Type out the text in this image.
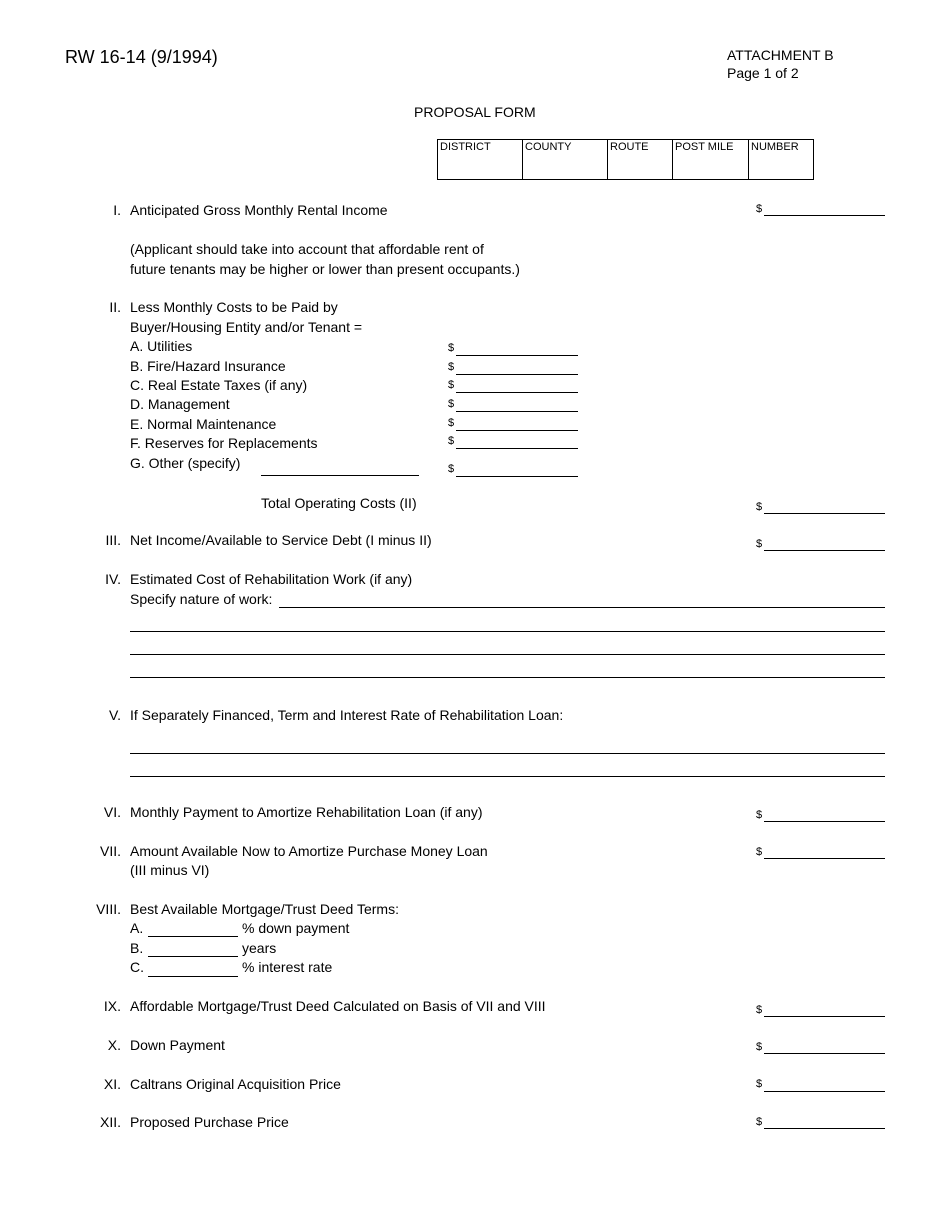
RW 16-14 (9/1994)	ATTACHMENT B
Page 1 of 2
PROPOSAL FORM
DISTRICT	COUNTY	ROUTE	POST MILE	NUMBER
I. Anticipated Gross Monthly Rental Income	$
(Applicant should take into account that affordable rent of
future tenants may be higher or lower than present occupants.)
II. Less Monthly Costs to be Paid by
Buyer/Housing Entity and/or Tenant =
A. Utilities	$
B. Fire/Hazard Insurance	$
C. Real Estate Taxes (if any)	$
D. Management	$
E. Normal Maintenance	$
F. Reserves for Replacements	$
G. Other (specify)	$
Total Operating Costs (II)	$
III. Net Income/Available to Service Debt (I minus II)	$
IV. Estimated Cost of Rehabilitation Work (if any)
Specify nature of work:
V. If Separately Financed, Term and Interest Rate of Rehabilitation Loan:
VI. Monthly Payment to Amortize Rehabilitation Loan (if any)	$
VII. Amount Available Now to Amortize Purchase Money Loan
(III minus VI)
$
VIII. Best Available Mortgage/Trust Deed Terms:
A.	% down payment
B.	years
C.	% interest rate
IX. Affordable Mortgage/Trust Deed Calculated on Basis of VII and VIII	$
X. Down Payment	$
XI. Caltrans Original Acquisition Price	$
XII. Proposed Purchase Price	$
